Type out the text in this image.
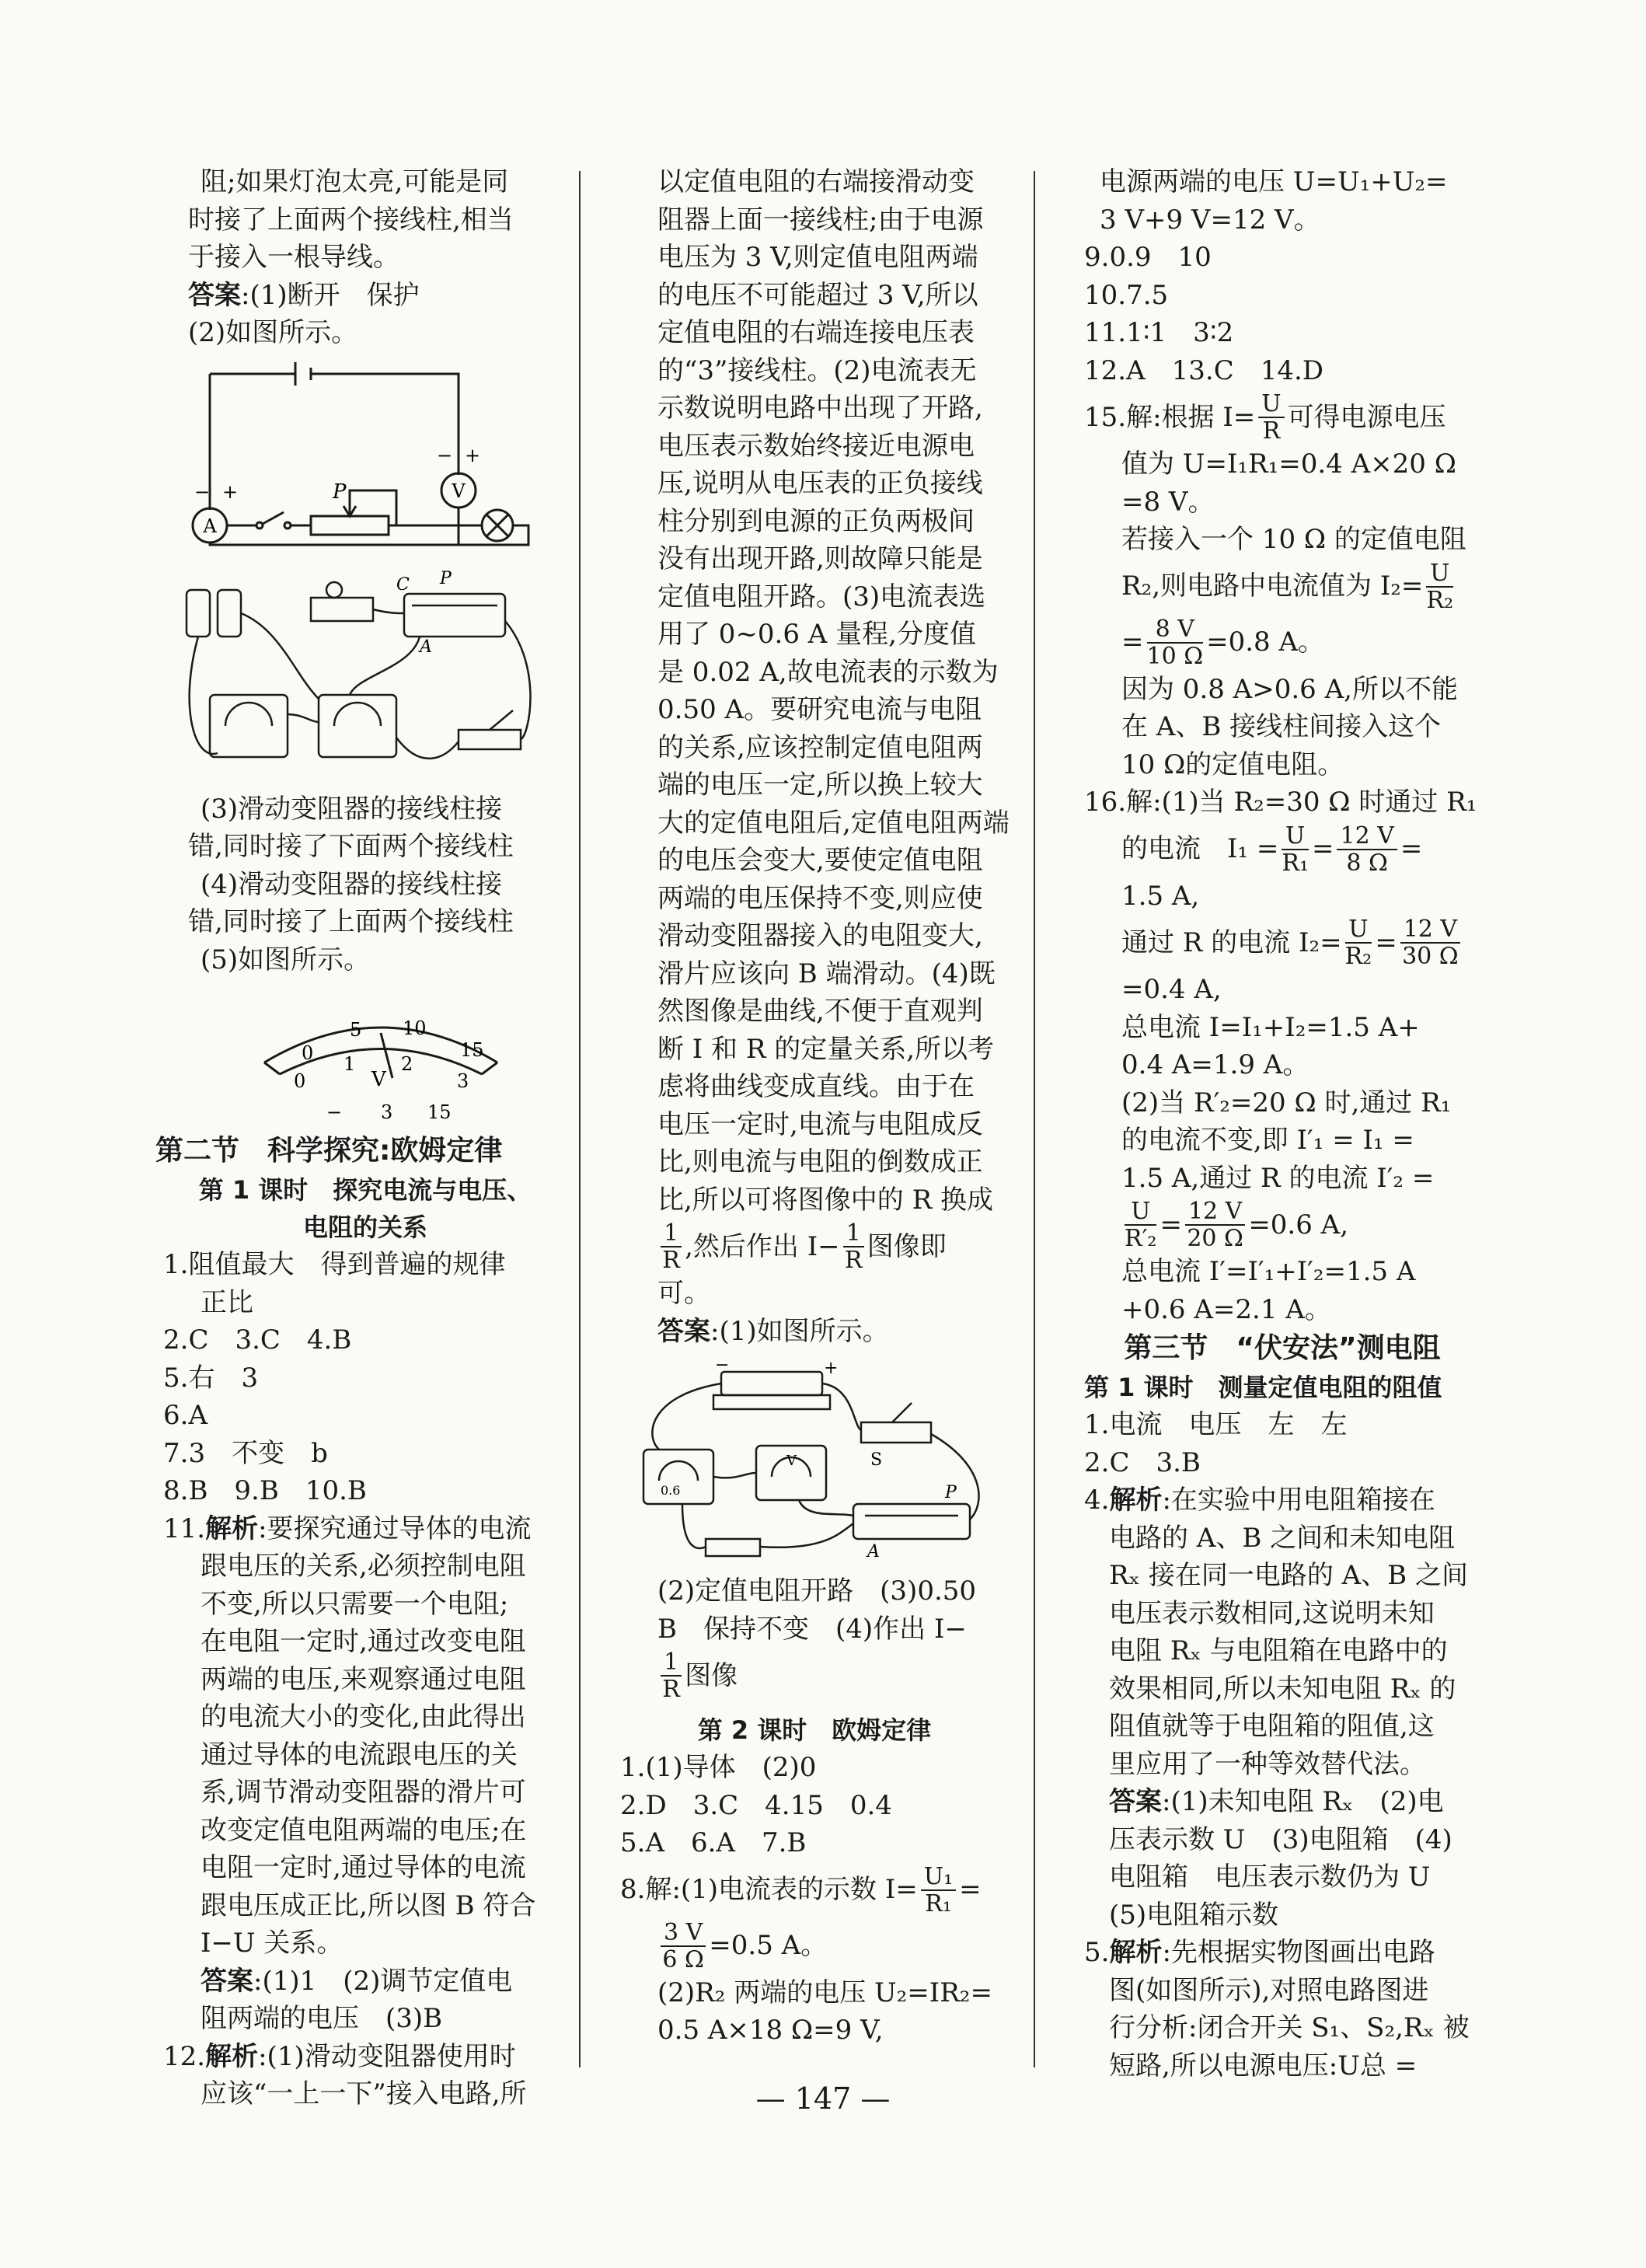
阻;如果灯泡太亮,可能是同

时接了上面两个接线柱,相当

于接入一根导线。

答案:(1)断开　保护

(2)如图所示。

A
V
P
− +
− +
C P
A

(3)滑动变阻器的接线柱接

错,同时接了下面两个接线柱

(4)滑动变阻器的接线柱接

错,同时接了上面两个接线柱

(5)如图所示。

0
5 10
15
0
1 2
3
V
− 3 15
第二节　科学探究:欧姆定律
第 1 课时　探究电流与电压、
电阻的关系

1.阻值最大　得到普遍的规律

正比

2.C　3.C　4.B

5.右　3

6.A

7.3　不变　b

8.B　9.B　10.B

11.解析:要探究通过导体的电流

跟电压的关系,必须控制电阻

不变,所以只需要一个电阻;

在电阻一定时,通过改变电阻

两端的电压,来观察通过电阻

的电流大小的变化,由此得出

通过导体的电流跟电压的关

系,调节滑动变阻器的滑片可

改变定值电阻两端的电压;在

电阻一定时,通过导体的电流

跟电压成正比,所以图 B 符合

I−U 关系。

答案:(1)1　(2)调节定值电

阻两端的电压　(3)B

12.解析:(1)滑动变阻器使用时

应该“一上一下”接入电路,所

以定值电阻的右端接滑动变

阻器上面一接线柱;由于电源

电压为 3 V,则定值电阻两端

的电压不可能超过 3 V,所以

定值电阻的右端连接电压表

的“3”接线柱。(2)电流表无

示数说明电路中出现了开路,

电压表示数始终接近电源电

压,说明从电压表的正负接线

柱分别到电源的正负两极间

没有出现开路,则故障只能是

定值电阻开路。(3)电流表选

用了 0~0.6 A 量程,分度值

是 0.02 A,故电流表的示数为

0.50 A。要研究电流与电阻

的关系,应该控制定值电阻两

端的电压一定,所以换上较大

大的定值电阻后,定值电阻两端

的电压会变大,要使定值电阻

两端的电压保持不变,则应使

滑动变阻器接入的电阻变大,

滑片应该向 B 端滑动。(4)既

然图像是曲线,不便于直观判

断 I 和 R 的定量关系,所以考

虑将曲线变成直线。由于在

电压一定时,电流与电阻成反

比,则电流与电阻的倒数成正

比,所以可将图像中的 R 换成

$\frac{1}{R}$ ,然后作出 $I- \frac{1}{R}$ 图像即

可。

答案:(1)如图所示。

−	+
S
P
A
0.6
V

(2)定值电阻开路　(3)0.50

B　保持不变　(4)作出 I−

$\frac{1}{R}$ 图像
第 2 课时　欧姆定律

1.(1)导体　(2)0

2.D　3.C　4.15　0.4

5.A　6.A　7.B

8.解:(1)电流表的示数 $I= \frac{\text{U₁}}{\text{R₁}}$ =
$\frac{3 V}{6 \Omega} =0.5$ A。

(2)R₂ 两端的电压 U₂=IR₂=

0.5 A×18 Ω=9 V,

电源两端的电压 U=U₁+U₂=

3 V+9 V=12 V。

9.0.9　10

10.7.5

11.1∶1　3∶2

12.A　13.C　14.D

15.解:根据 $I= \frac{U}{R}$ 可得电源电压

值为 U=I₁R₁=0.4 A×20 Ω

=8 V。

若接入一个 10 Ω 的定值电阻

R₂,则电路中电流值为 $I_2= \frac{U}{\text{R₂}}$
= $\frac{8 V}{10 \Omega} =0.8$ A。

因为 0.8 A>0.6 A,所以不能

在 A、B 接线柱间接入这个

10 Ω的定值电阻。

16.解:(1)当 R₂=30 Ω 时通过 R₁

的电流　$I_1 = \frac{U}{\text{R₁}} = \frac{12 V}{8 \Omega}$ =

1.5 A,

通过 R 的电流 $I_2= \frac{U}{\text{R₂}} = \frac{12 V}{30 \Omega}$

=0.4 A,

总电流 I=I₁+I₂=1.5 A+

0.4 A=1.9 A。

(2)当 R′₂=20 Ω 时,通过 R₁

的电流不变,即 I′₁ = I₁ =

1.5 A,通过 R 的电流 I′₂ =

$\frac{U}{\text{R′₂}} = \frac{12 V}{20 \Omega} =0.6$ A,

总电流 I′=I′₁+I′₂=1.5 A

+0.6 A=2.1 A。

第三节　“伏安法”测电阻
第 1 课时　测量定值电阻的阻值

1.电流　电压　左　左

2.C　3.B

4.解析:在实验中用电阻箱接在

电路的 A、B 之间和未知电阻

Rₓ 接在同一电路的 A、B 之间

电压表示数相同,这说明未知

电阻 Rₓ 与电阻箱在电路中的

效果相同,所以未知电阻 Rₓ 的

阻值就等于电阻箱的阻值,这

里应用了一种等效替代法。

答案:(1)未知电阻 Rₓ　(2)电

压表示数 U　(3)电阻箱　(4)

电阻箱　电压表示数仍为 U

(5)电阻箱示数

5.解析:先根据实物图画出电路

图(如图所示),对照电路图进

行分析:闭合开关 S₁、S₂,Rₓ 被

短路,所以电源电压:U总 =

— 147 —
